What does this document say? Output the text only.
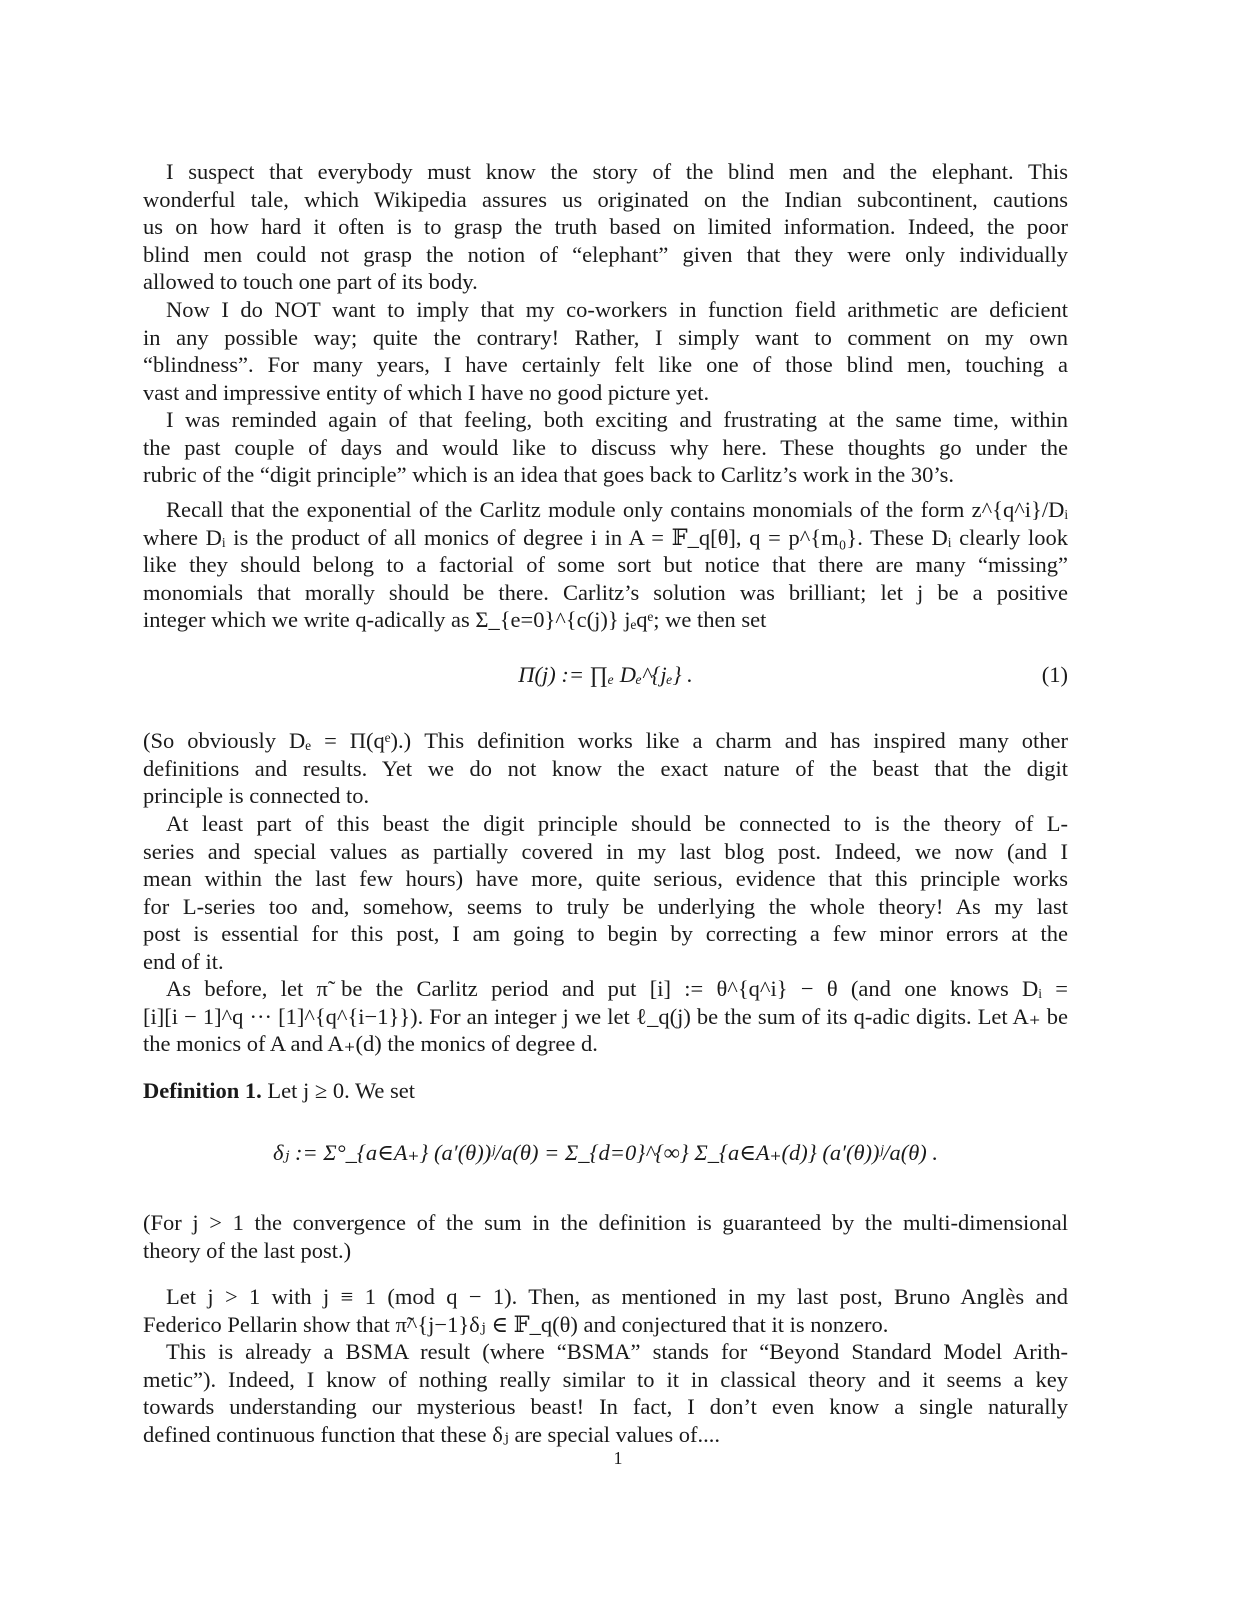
I suspect that everybody must know the story of the blind men and the elephant. This
wonderful tale, which Wikipedia assures us originated on the Indian subcontinent, cautions
us on how hard it often is to grasp the truth based on limited information. Indeed, the poor
blind men could not grasp the notion of “elephant” given that they were only individually
allowed to touch one part of its body.
Now I do NOT want to imply that my co-workers in function field arithmetic are deficient
in any possible way; quite the contrary! Rather, I simply want to comment on my own
“blindness”. For many years, I have certainly felt like one of those blind men, touching a
vast and impressive entity of which I have no good picture yet.
I was reminded again of that feeling, both exciting and frustrating at the same time, within
the past couple of days and would like to discuss why here. These thoughts go under the
rubric of the “digit principle” which is an idea that goes back to Carlitz’s work in the 30’s.
Recall that the exponential of the Carlitz module only contains monomials of the form z^{q^i}/Dᵢ
where Dᵢ is the product of all monics of degree i in A = 𝔽_q[θ], q = p^{m₀}. These Dᵢ clearly look
like they should belong to a factorial of some sort but notice that there are many “missing”
monomials that morally should be there. Carlitz’s solution was brilliant; let j be a positive
integer which we write q-adically as Σ_{e=0}^{c(j)} jₑqᵉ; we then set
(So obviously Dₑ = Π(qᵉ).) This definition works like a charm and has inspired many other
definitions and results. Yet we do not know the exact nature of the beast that the digit
principle is connected to.
At least part of this beast the digit principle should be connected to is the theory of L-
series and special values as partially covered in my last blog post. Indeed, we now (and I
mean within the last few hours) have more, quite serious, evidence that this principle works
for L-series too and, somehow, seems to truly be underlying the whole theory! As my last
post is essential for this post, I am going to begin by correcting a few minor errors at the
end of it.
As before, let π̃ be the Carlitz period and put [i] := θ^{q^i} − θ (and one knows Dᵢ =
[i][i − 1]^q ··· [1]^{q^{i−1}}). For an integer j we let ℓ_q(j) be the sum of its q-adic digits. Let A₊ be
the monics of A and A₊(d) the monics of degree d.
(For j > 1 the convergence of the sum in the definition is guaranteed by the multi-dimensional
theory of the last post.)
Let j > 1 with j ≡ 1 (mod q − 1). Then, as mentioned in my last post, Bruno Anglès and
Federico Pellarin show that π̃^{j−1}δⱼ ∈ 𝔽_q(θ) and conjectured that it is nonzero.
This is already a BSMA result (where “BSMA” stands for “Beyond Standard Model Arith-
metic”). Indeed, I know of nothing really similar to it in classical theory and it seems a key
towards understanding our mysterious beast! In fact, I don’t even know a single naturally
defined continuous function that these δⱼ are special values of....
Π(j) := ∏ₑ Dₑ^{jₑ} .	(1)
Definition 1. Let j ≥ 0. We set
δⱼ := Σ°_{a∈A₊} (a′(θ))ʲ/a(θ) = Σ_{d=0}^{∞} Σ_{a∈A₊(d)} (a′(θ))ʲ/a(θ) .
1
